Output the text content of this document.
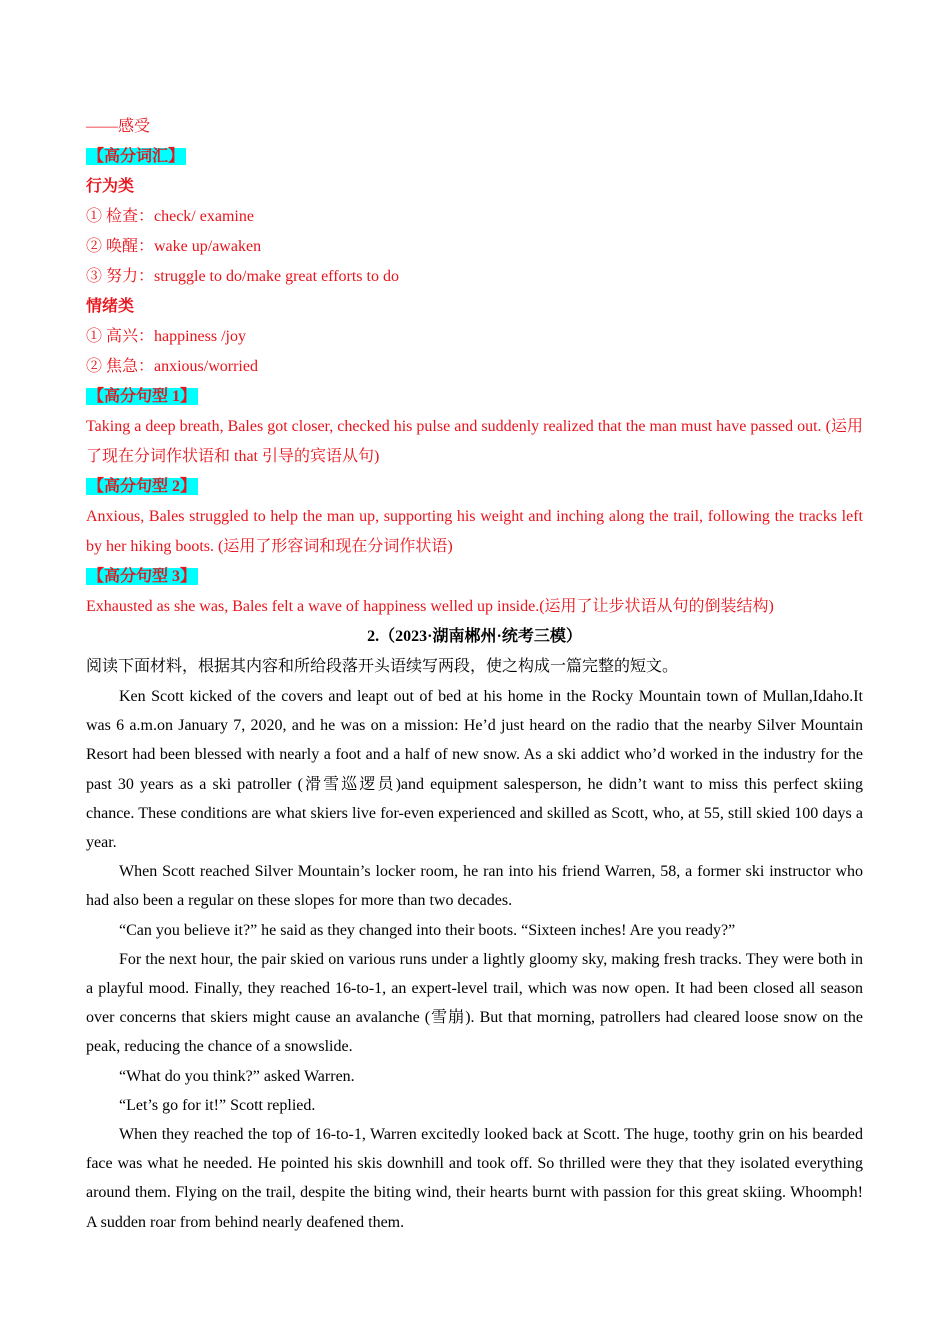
——感受

【高分词汇】

行为类

① 检查：check/ examine

② 唤醒：wake up/awaken

③ 努力：struggle to do/make great efforts to do

情绪类

① 高兴：happiness /joy

② 焦急：anxious/worried

【高分句型 1】

Taking a deep breath, Bales got closer, checked his pulse and suddenly realized that the man must have passed out. (运用了现在分词作状语和 that 引导的宾语从句)

【高分句型 2】

Anxious, Bales struggled to help the man up, supporting his weight and inching along the trail, following the tracks left by her hiking boots. (运用了形容词和现在分词作状语)

【高分句型 3】

Exhausted as she was, Bales felt a wave of happiness welled up inside.(运用了让步状语从句的倒装结构)

2.（2023·湖南郴州·统考三模）

阅读下面材料，根据其内容和所给段落开头语续写两段，使之构成一篇完整的短文。

Ken Scott kicked of the covers and leapt out of bed at his home in the Rocky Mountain town of Mullan,Idaho.It was 6 a.m.on January 7, 2020, and he was on a mission: He’d just heard on the radio that the nearby Silver Mountain Resort had been blessed with nearly a foot and a half of new snow. As a ski addict who’d worked in the industry for the past 30 years as a ski patroller (滑雪巡逻员)and equipment salesperson, he didn’t want to miss this perfect skiing chance. These conditions are what skiers live for-even experienced and skilled as Scott, who, at 55, still skied 100 days a year.

When Scott reached Silver Mountain’s locker room, he ran into his friend Warren, 58, a former ski instructor who had also been a regular on these slopes for more than two decades.

“Can you believe it?” he said as they changed into their boots. “Sixteen inches! Are you ready?”

For the next hour, the pair skied on various runs under a lightly gloomy sky, making fresh tracks. They were both in a playful mood. Finally, they reached 16-to-1, an expert-level trail, which was now open. It had been closed all season over concerns that skiers might cause an avalanche (雪崩). But that morning, patrollers had cleared loose snow on the peak, reducing the chance of a snowslide.

“What do you think?” asked Warren.

“Let’s go for it!” Scott replied.

When they reached the top of 16-to-1, Warren excitedly looked back at Scott. The huge, toothy grin on his bearded face was what he needed. He pointed his skis downhill and took off. So thrilled were they that they isolated everything around them. Flying on the trail, despite the biting wind, their hearts burnt with passion for this great skiing. Whoomph! A sudden roar from behind nearly deafened them.
